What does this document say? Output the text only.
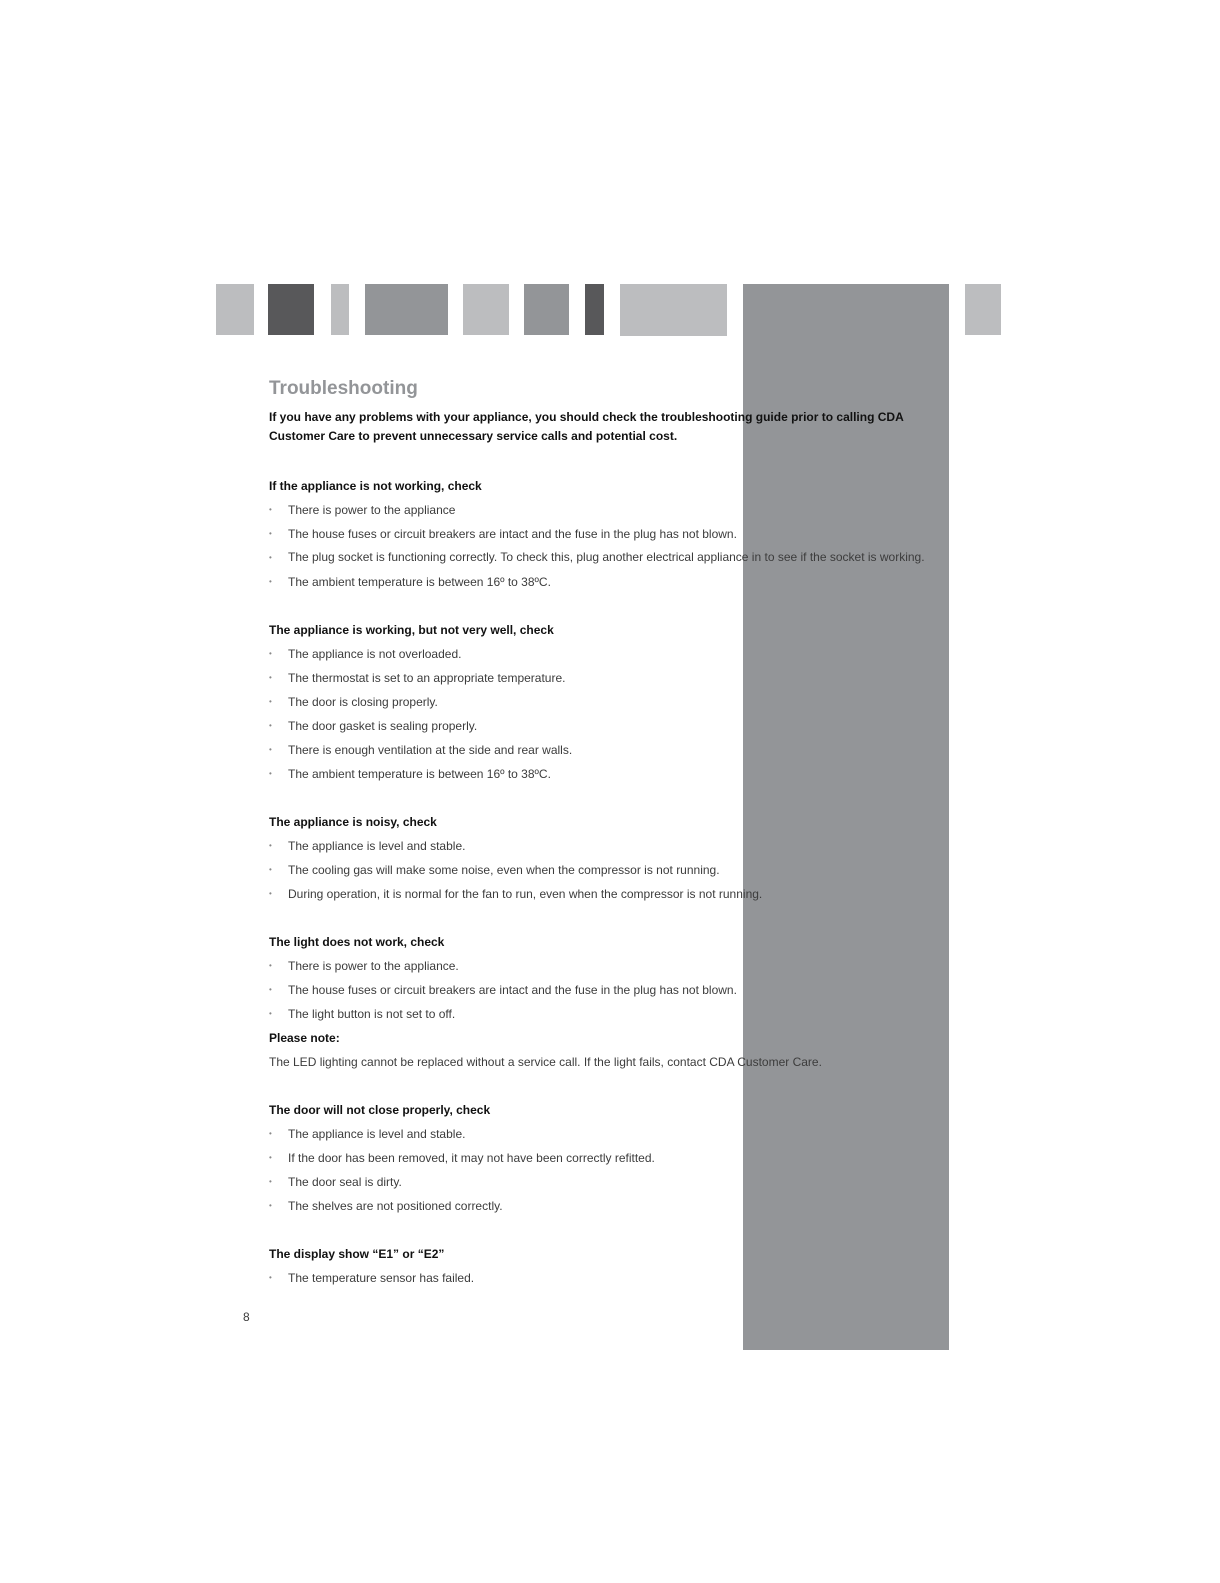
Troubleshooting

If you have any problems with your appliance, you should check the troubleshooting guide prior to calling CDA Customer Care to prevent unnecessary service calls and potential cost.

If the appliance is not working, check
• There is power to the appliance
• The house fuses or circuit breakers are intact and the fuse in the plug has not blown.
• The plug socket is functioning correctly. To check this, plug another electrical appliance in to see if the socket is working.
• The ambient temperature is between 16º to 38ºC.
The appliance is working, but not very well, check
• The appliance is not overloaded.
• The thermostat is set to an appropriate temperature.
• The door is closing properly.
• The door gasket is sealing properly.
• There is enough ventilation at the side and rear walls.
• The ambient temperature is between 16º to 38ºC.
The appliance is noisy, check
• The appliance is level and stable.
• The cooling gas will make some noise, even when the compressor is not running.
• During operation, it is normal for the fan to run, even when the compressor is not running.
The light does not work, check
• There is power to the appliance.
• The house fuses or circuit breakers are intact and the fuse in the plug has not blown.
• The light button is not set to off.
Please note:
The LED lighting cannot be replaced without a service call. If the light fails, contact CDA Customer Care.
The door will not close properly, check
• The appliance is level and stable.
• If the door has been removed, it may not have been correctly refitted.
• The door seal is dirty.
• The shelves are not positioned correctly.
The display show “E1” or “E2”
• The temperature sensor has failed.
8
